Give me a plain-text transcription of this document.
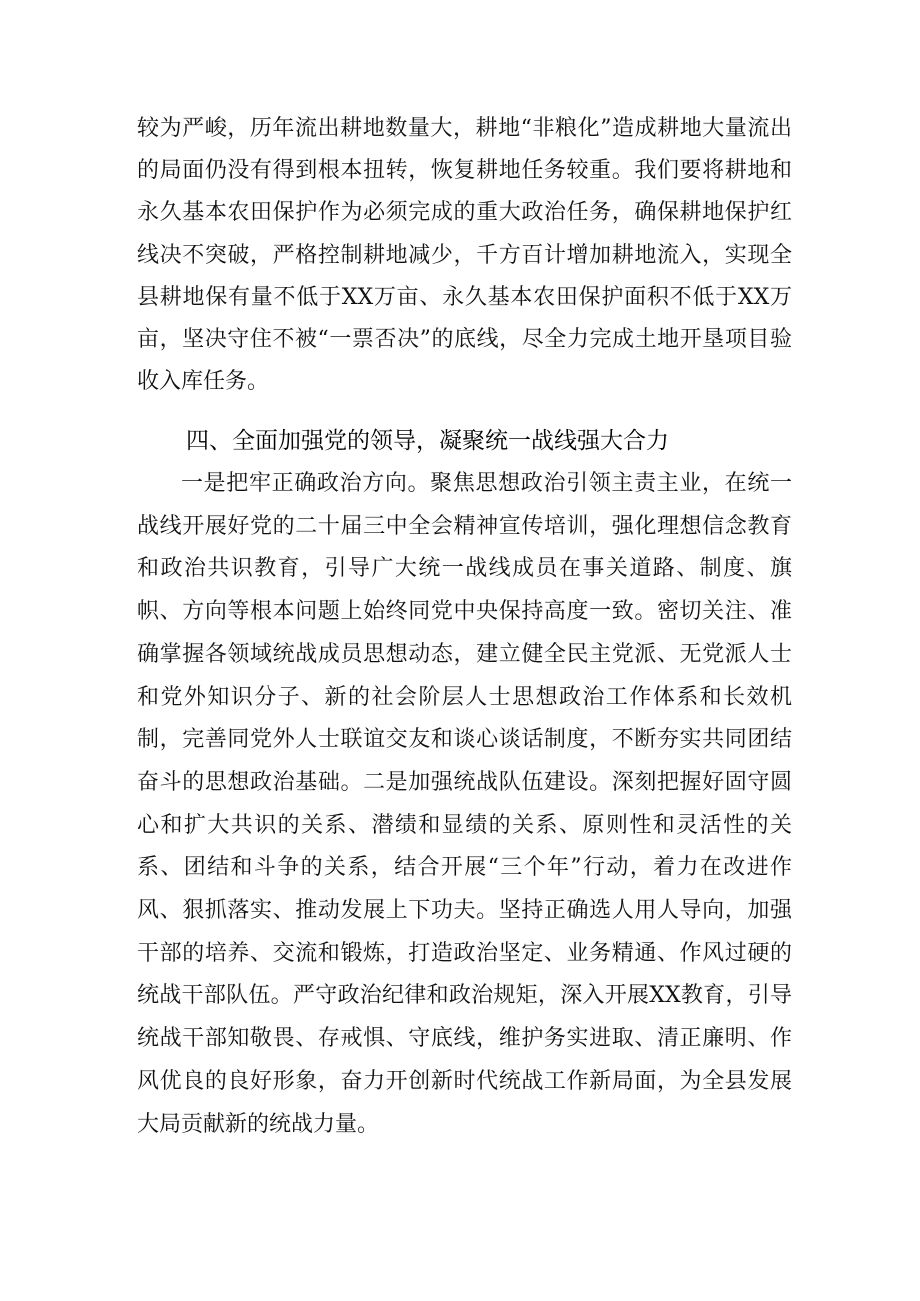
较为严峻，历年流出耕地数量大，耕地“非粮化”造成耕地大量流出的局面仍没有得到根本扭转，恢复耕地任务较重。我们要将耕地和永久基本农田保护作为必须完成的重大政治任务，确保耕地保护红线决不突破，严格控制耕地减少，千方百计增加耕地流入，实现全县耕地保有量不低于XX万亩、永久基本农田保护面积不低于XX万亩，坚决守住不被“一票否决”的底线，尽全力完成土地开垦项目验收入库任务。

四、全面加强党的领导，凝聚统一战线强大合力

一是把牢正确政治方向。聚焦思想政治引领主责主业，在统一战线开展好党的二十届三中全会精神宣传培训，强化理想信念教育和政治共识教育，引导广大统一战线成员在事关道路、制度、旗帜、方向等根本问题上始终同党中央保持高度一致。密切关注、准确掌握各领域统战成员思想动态，建立健全民主党派、无党派人士和党外知识分子、新的社会阶层人士思想政治工作体系和长效机制，完善同党外人士联谊交友和谈心谈话制度，不断夯实共同团结奋斗的思想政治基础。二是加强统战队伍建设。深刻把握好固守圆心和扩大共识的关系、潜绩和显绩的关系、原则性和灵活性的关系、团结和斗争的关系，结合开展“三个年”行动，着力在改进作风、狠抓落实、推动发展上下功夫。坚持正确选人用人导向，加强干部的培养、交流和锻炼，打造政治坚定、业务精通、作风过硬的统战干部队伍。严守政治纪律和政治规矩，深入开展XX教育，引导统战干部知敬畏、存戒惧、守底线，维护务实进取、清正廉明、作风优良的良好形象，奋力开创新时代统战工作新局面，为全县发展大局贡献新的统战力量。
